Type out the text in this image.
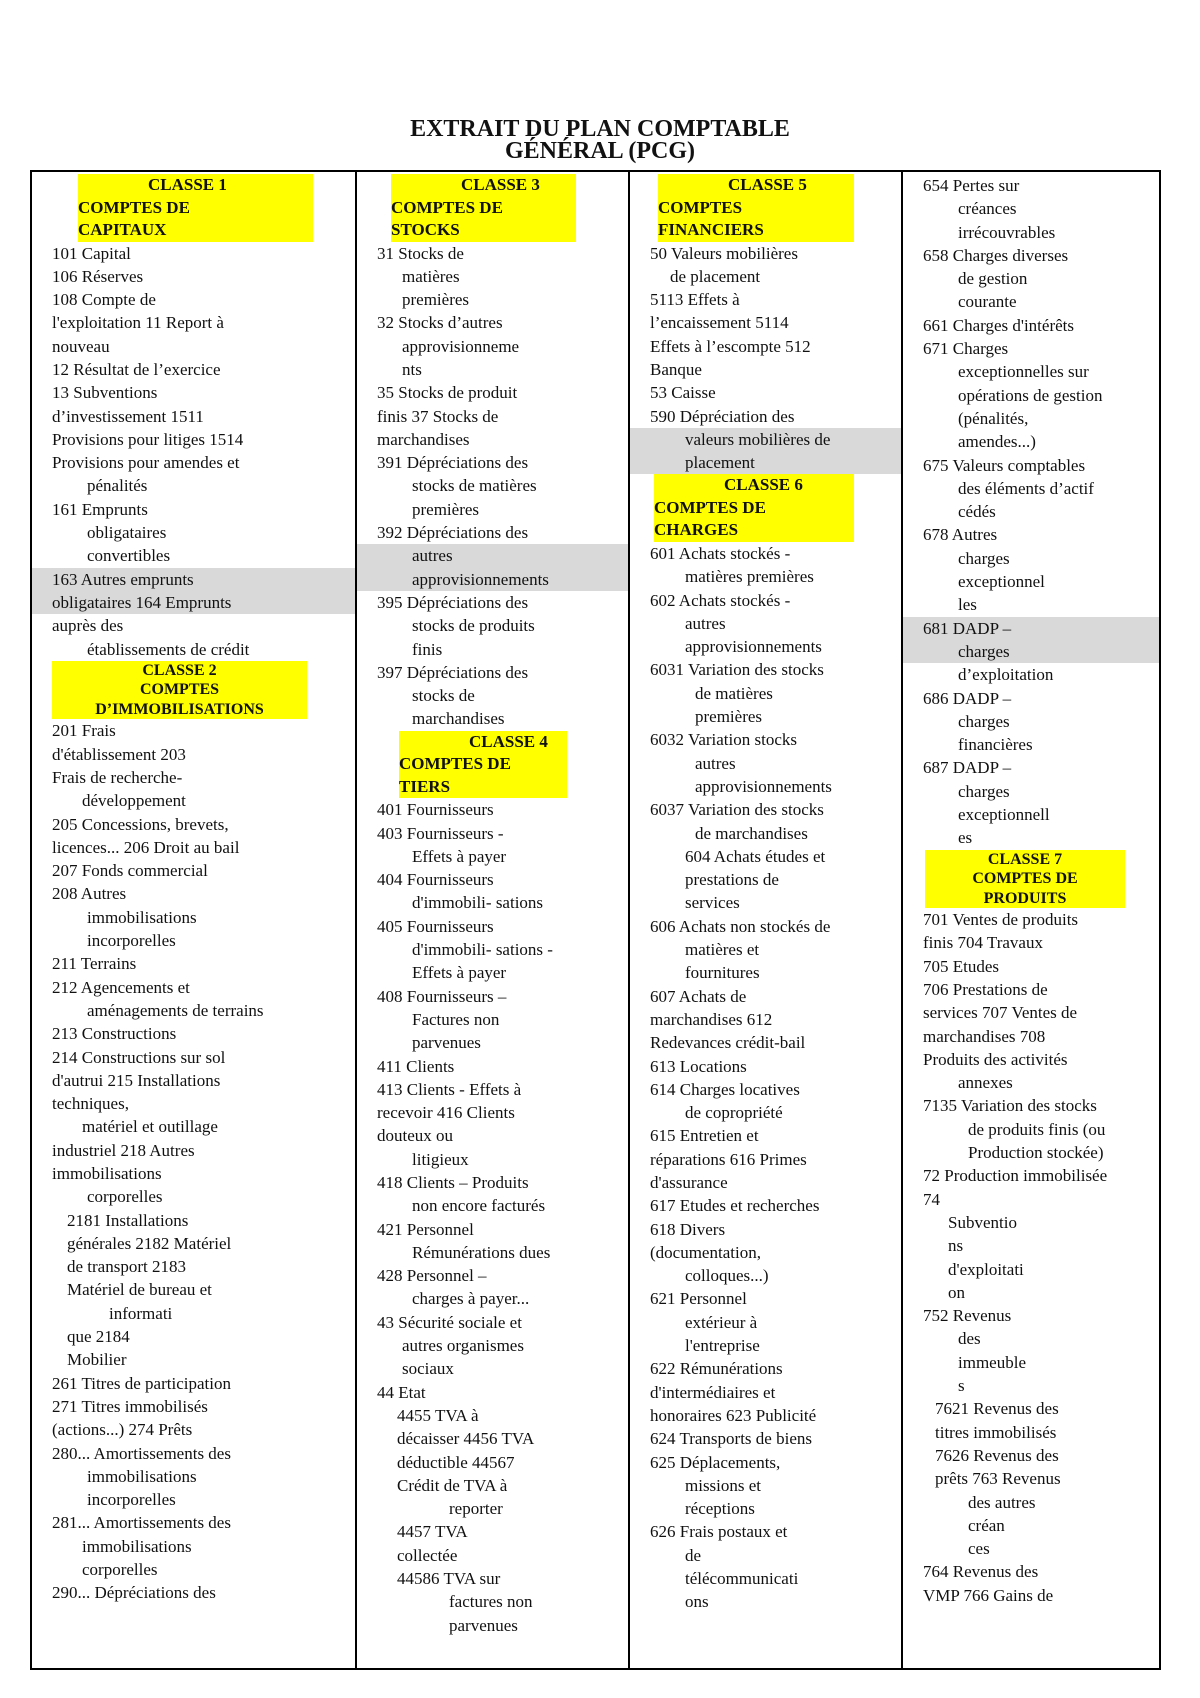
EXTRAIT DU PLAN COMPTABLE
GÉNÉRAL (PCG)
CLASSE 1
COMPTES DE
CAPITAUX
101 Capital
106 Réserves
108 Compte de
l'exploitation 11 Report à
nouveau
12 Résultat de l’exercice
13 Subventions
d’investissement 1511
Provisions pour litiges 1514
Provisions pour amendes et
pénalités
161 Emprunts
obligataires
convertibles
163 Autres emprunts
obligataires 164 Emprunts
auprès des
établissements de crédit
CLASSE 2
COMPTES
D’IMMOBILISATIONS
201 Frais
d'établissement 203
Frais de recherche-
développement
205 Concessions, brevets,
licences... 206 Droit au bail
207 Fonds commercial
208 Autres
immobilisations
incorporelles
211 Terrains
212 Agencements et
aménagements de terrains
213 Constructions
214 Constructions sur sol
d'autrui 215 Installations
techniques,
matériel et outillage
industriel 218 Autres
immobilisations
corporelles
2181 Installations
générales 2182 Matériel
de transport 2183
Matériel de bureau et
informati
que 2184
Mobilier
261 Titres de participation
271 Titres immobilisés
(actions...) 274 Prêts
280... Amortissements des
immobilisations
incorporelles
281... Amortissements des
immobilisations
corporelles
290... Dépréciations des
CLASSE 3
COMPTES DE
STOCKS
31 Stocks de
matières
premières
32 Stocks d’autres
approvisionneme
nts
35 Stocks de produit
finis 37 Stocks de
marchandises
391 Dépréciations des
stocks de matières
premières
392 Dépréciations des
autres
approvisionnements
395 Dépréciations des
stocks de produits
finis
397 Dépréciations des
stocks de
marchandises
CLASSE 4
COMPTES DE
TIERS
401 Fournisseurs
403 Fournisseurs -
Effets à payer
404 Fournisseurs
d'immobili- sations
405 Fournisseurs
d'immobili- sations -
Effets à payer
408 Fournisseurs –
Factures non
parvenues
411 Clients
413 Clients - Effets à
recevoir 416 Clients
douteux ou
litigieux
418 Clients – Produits
non encore facturés
421 Personnel
Rémunérations dues
428 Personnel –
charges à payer...
43 Sécurité sociale et
autres organismes
sociaux
44 Etat
4455 TVA à
décaisser 4456 TVA
déductible 44567
Crédit de TVA à
reporter
4457 TVA
collectée
44586 TVA sur
factures non
parvenues
CLASSE 5
COMPTES
FINANCIERS
50 Valeurs mobilières
de placement
5113 Effets à
l’encaissement 5114
Effets à l’escompte 512
Banque
53 Caisse
590 Dépréciation des
valeurs mobilières de
placement
CLASSE 6
COMPTES DE
CHARGES
601 Achats stockés -
matières premières
602 Achats stockés -
autres
approvisionnements
6031 Variation des stocks
de matières
premières
6032 Variation stocks
autres
approvisionnements
6037 Variation des stocks
de marchandises
604 Achats études et
prestations de
services
606 Achats non stockés de
matières et
fournitures
607 Achats de
marchandises 612
Redevances crédit-bail
613 Locations
614 Charges locatives
de copropriété
615 Entretien et
réparations 616 Primes
d'assurance
617 Etudes et recherches
618 Divers
(documentation,
colloques...)
621 Personnel
extérieur à
l'entreprise
622 Rémunérations
d'intermédiaires et
honoraires 623 Publicité
624 Transports de biens
625 Déplacements,
missions et
réceptions
626 Frais postaux et
de
télécommunicati
ons
654 Pertes sur
créances
irrécouvrables
658 Charges diverses
de gestion
courante
661 Charges d'intérêts
671 Charges
exceptionnelles sur
opérations de gestion
(pénalités,
amendes...)
675 Valeurs comptables
des éléments d’actif
cédés
678 Autres
charges
exceptionnel
les
681 DADP –
charges
d’exploitation
686 DADP –
charges
financières
687 DADP –
charges
exceptionnell
es
CLASSE 7
COMPTES DE
PRODUITS
701 Ventes de produits
finis 704 Travaux
705 Etudes
706 Prestations de
services 707 Ventes de
marchandises 708
Produits des activités
annexes
7135 Variation des stocks
de produits finis (ou
Production stockée)
72 Production immobilisée
74
Subventio
ns
d'exploitati
on
752 Revenus
des
immeuble
s
7621 Revenus des
titres immobilisés
7626 Revenus des
prêts 763 Revenus
des autres
créan
ces
764 Revenus des
VMP 766 Gains de
